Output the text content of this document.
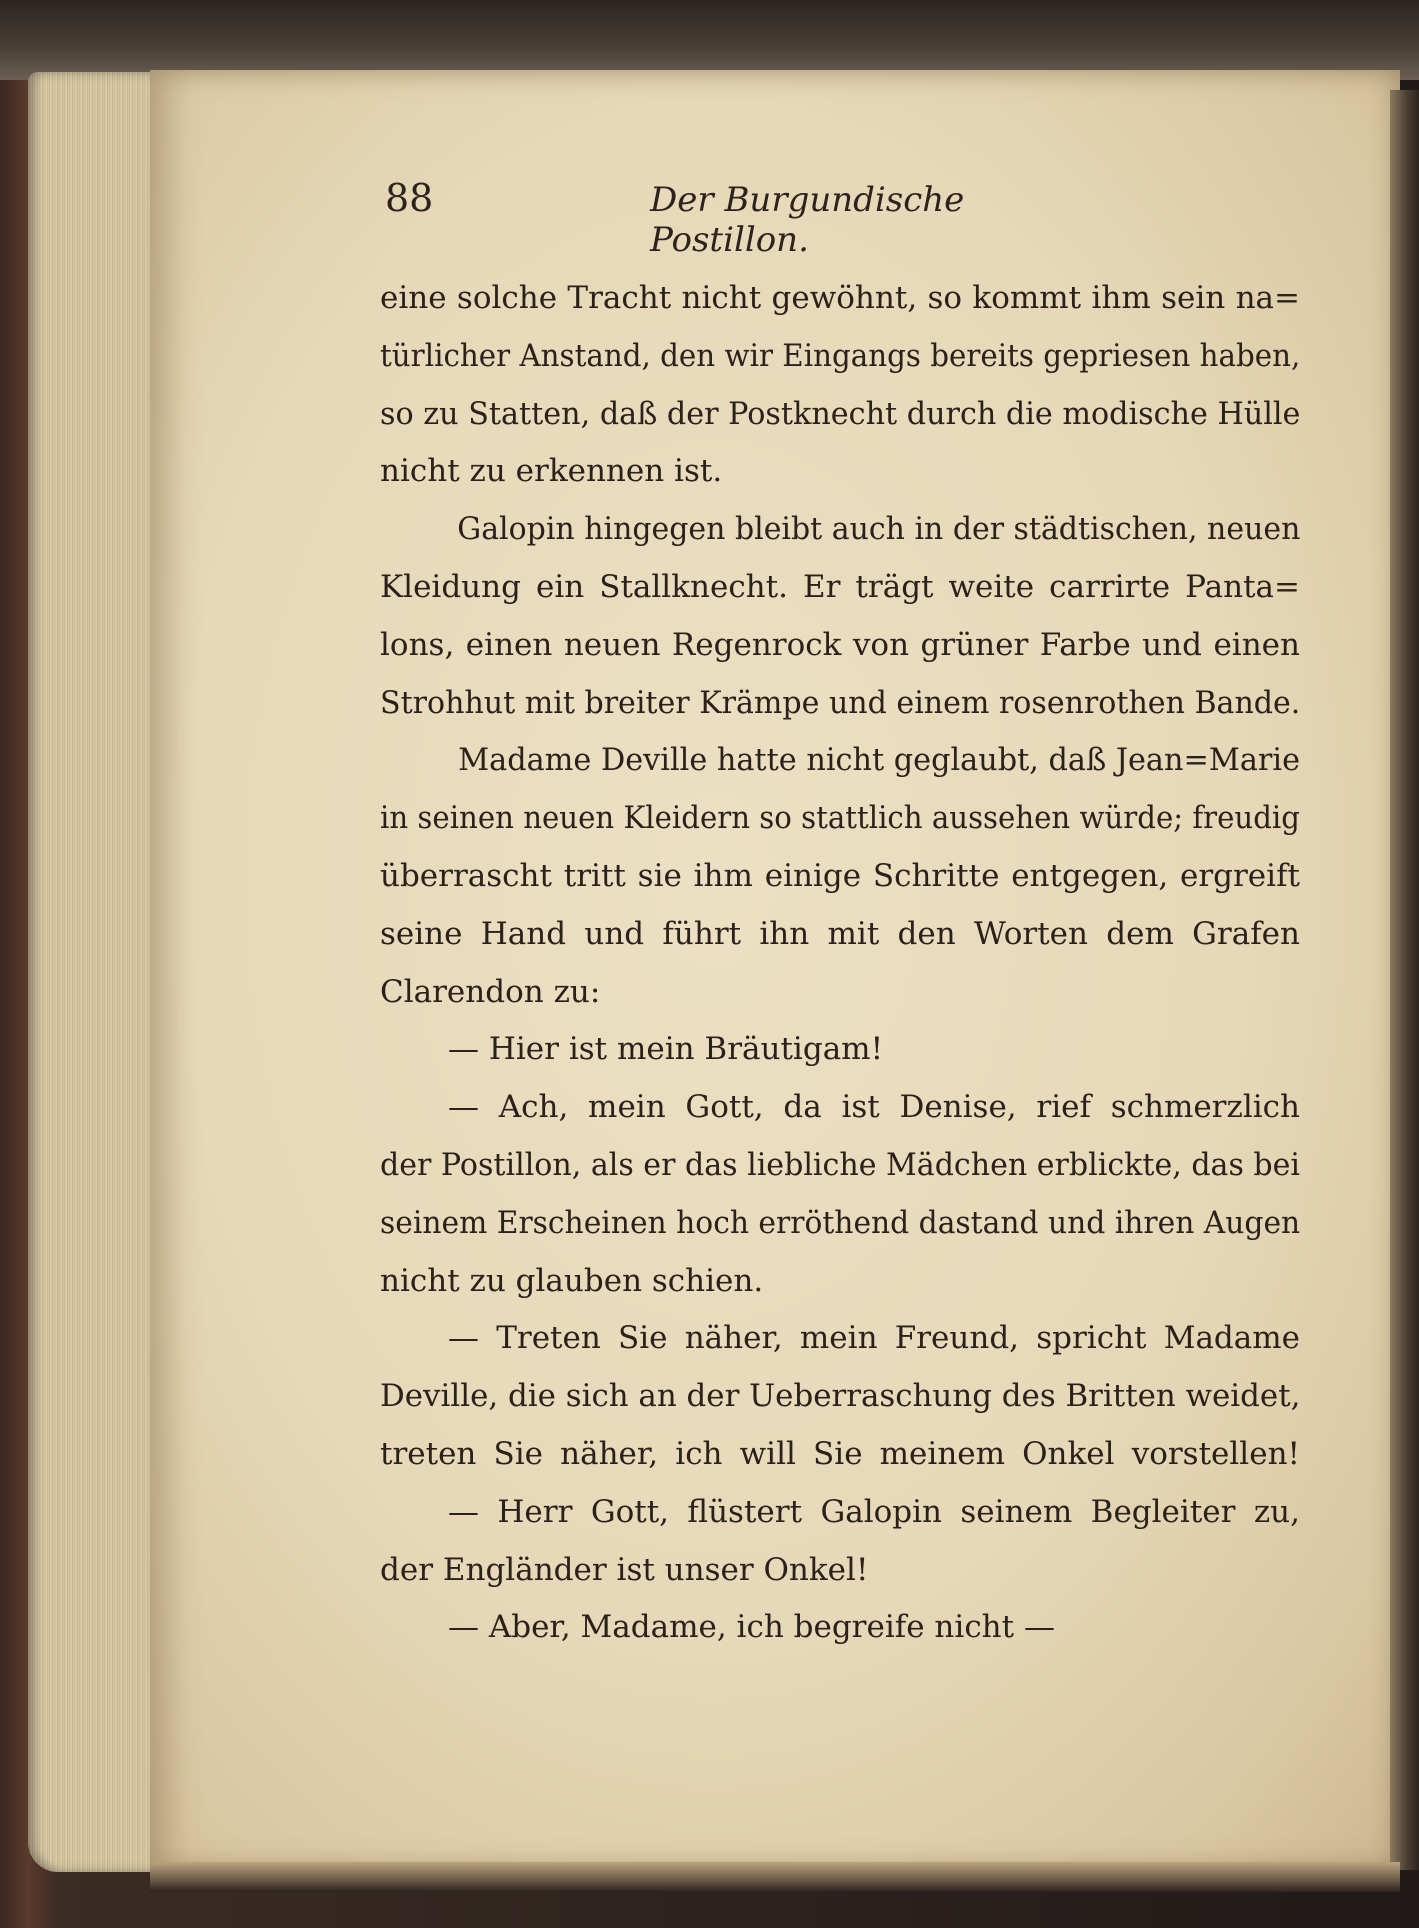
88	Der Burgundische Postillon.
eine solche Tracht nicht gewöhnt, so kommt ihm sein na=
türlicher Anstand, den wir Eingangs bereits gepriesen haben,
so zu Statten, daß der Postknecht durch die modische Hülle
nicht zu erkennen ist.
Galopin hingegen bleibt auch in der städtischen, neuen
Kleidung ein Stallknecht. Er trägt weite carrirte Panta=
lons, einen neuen Regenrock von grüner Farbe und einen
Strohhut mit breiter Krämpe und einem rosenrothen Bande.
Madame Deville hatte nicht geglaubt, daß Jean=Marie
in seinen neuen Kleidern so stattlich aussehen würde; freudig
überrascht tritt sie ihm einige Schritte entgegen, ergreift
seine Hand und führt ihn mit den Worten dem Grafen
Clarendon zu:
— Hier ist mein Bräutigam!
— Ach, mein Gott, da ist Denise, rief schmerzlich
der Postillon, als er das liebliche Mädchen erblickte, das bei
seinem Erscheinen hoch erröthend dastand und ihren Augen
nicht zu glauben schien.
— Treten Sie näher, mein Freund, spricht Madame
Deville, die sich an der Ueberraschung des Britten weidet,
treten Sie näher, ich will Sie meinem Onkel vorstellen!
— Herr Gott, flüstert Galopin seinem Begleiter zu,
der Engländer ist unser Onkel!
— Aber, Madame, ich begreife nicht —
